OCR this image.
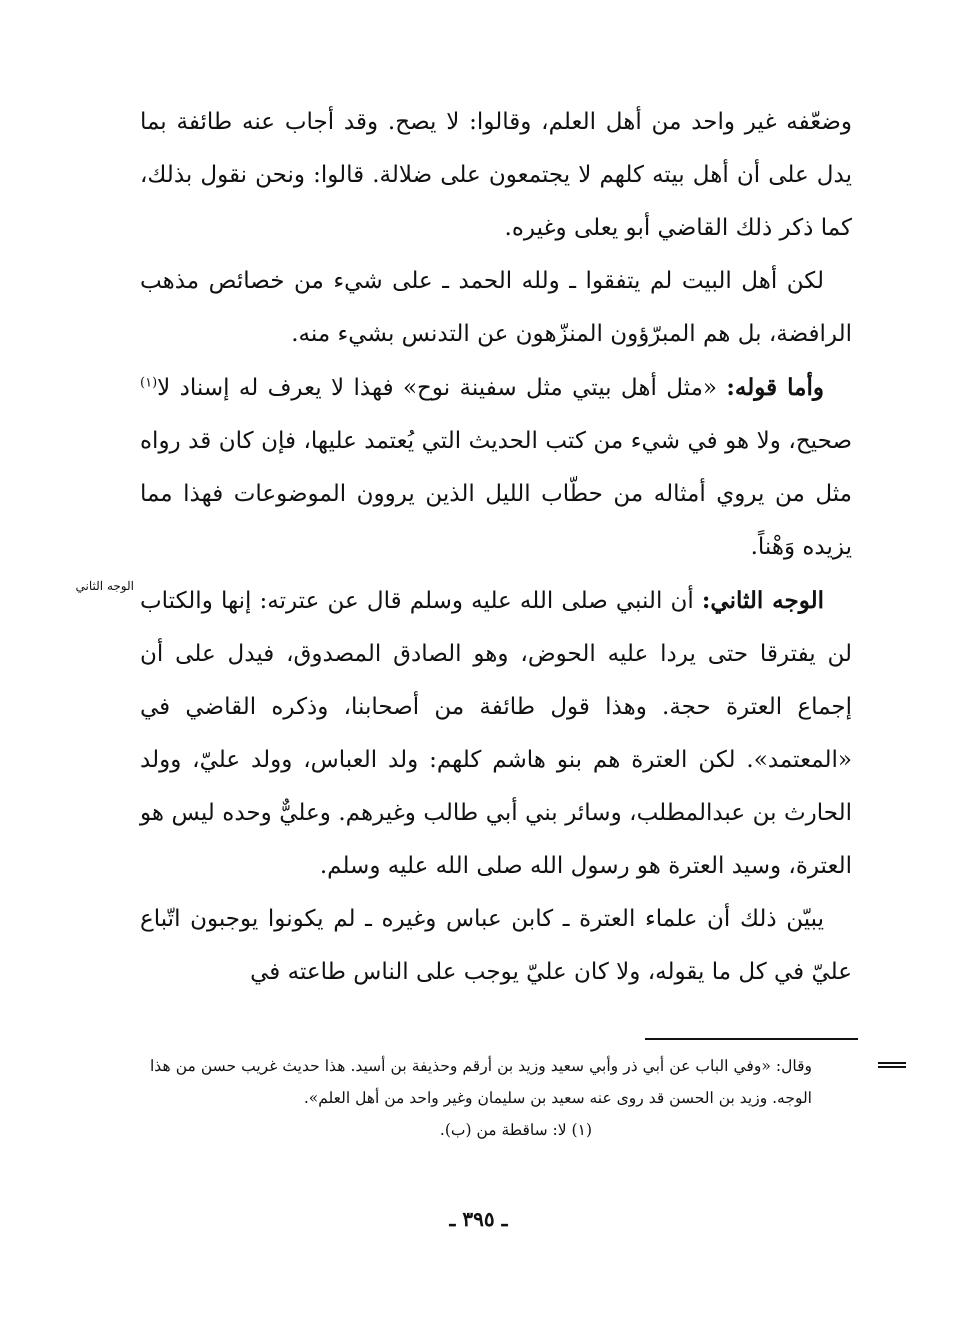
وضعّفه غير واحد من أهل العلم، وقالوا: لا يصح. وقد أجاب عنه طائفة بما يدل على أن أهل بيته كلهم لا يجتمعون على ضلالة. قالوا: ونحن نقول بذلك، كما ذكر ذلك القاضي أبو يعلى وغيره.

لكن أهل البيت لم يتفقوا ـ ولله الحمد ـ على شيء من خصائص مذهب الرافضة، بل هم المبرّؤون المنزّهون عن التدنس بشيء منه.

وأما قوله: «مثل أهل بيتي مثل سفينة نوح» فهذا لا يعرف له إسناد لا$^{(١)}$ صحيح، ولا هو في شيء من كتب الحديث التي يُعتمد عليها، فإن كان قد رواه مثل من يروي أمثاله من حطّاب الليل الذين يروون الموضوعات فهذا مما يزيده وَهْناً.

الوجه الثاني: أن النبي صلى الله عليه وسلم قال عن عترته: إنها والكتاب لن يفترقا حتى يردا عليه الحوض، وهو الصادق المصدوق، فيدل على أن إجماع العترة حجة. وهذا قول طائفة من أصحابنا، وذكره القاضي في «المعتمد». لكن العترة هم بنو هاشم كلهم: ولد العباس، وولد عليّ، وولد الحارث بن عبدالمطلب، وسائر بني أبي طالب وغيرهم. وعليٌّ وحده ليس هو العترة، وسيد العترة هو رسول الله صلى الله عليه وسلم.

يبيّن ذلك أن علماء العترة ـ كابن عباس وغيره ـ لم يكونوا يوجبون اتّباع عليّ في كل ما يقوله، ولا كان عليّ يوجب على الناس طاعته في

الوجه الثاني

وقال: «وفي الباب عن أبي ذر وأبي سعيد وزيد بن أرقم وحذيفة بن أسيد. هذا حديث غريب حسن من هذا الوجه. وزيد بن الحسن قد روى عنه سعيد بن سليمان وغير واحد من أهل العلم».

(١) لا: ساقطة من (ب).

ـ ٣٩٥ ـ
